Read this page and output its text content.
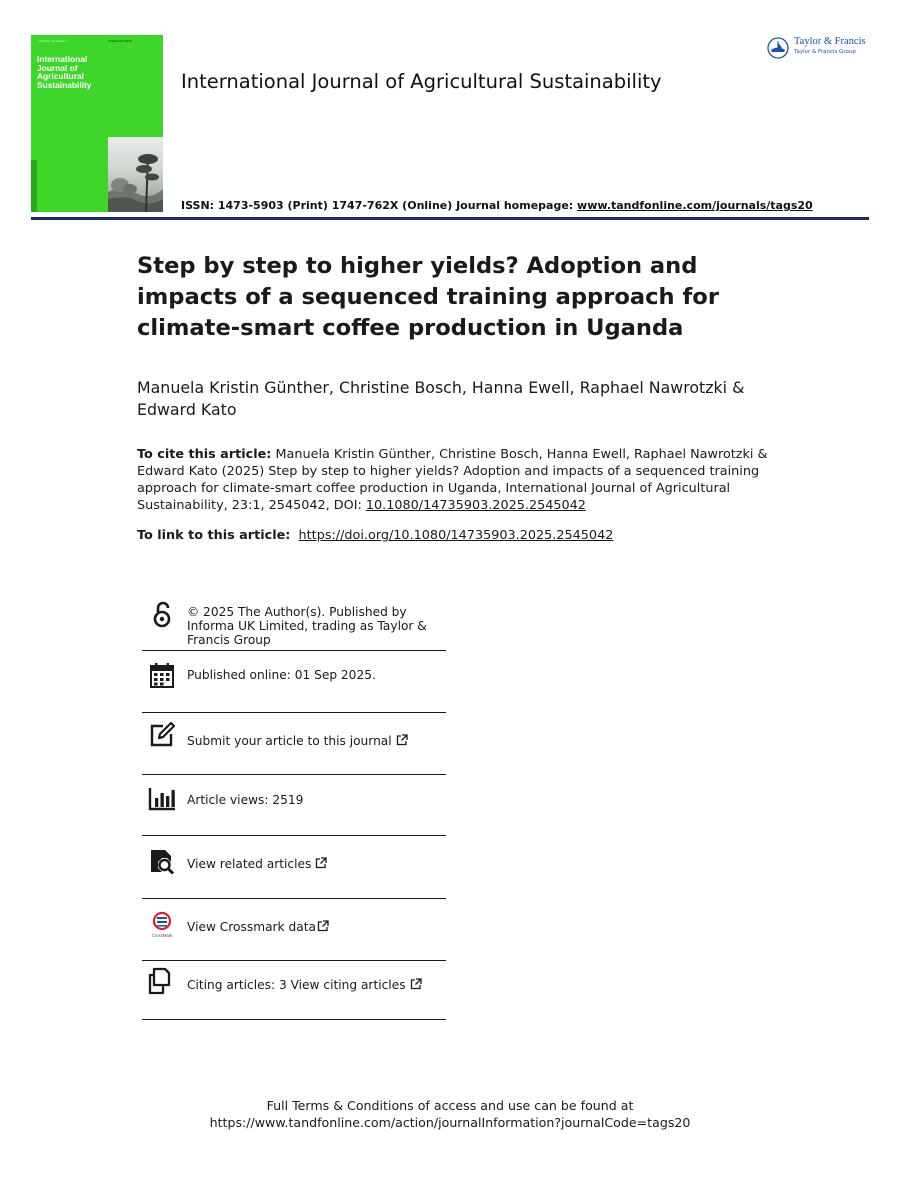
Volume 23 Issue 1	Published 2025
International
Journal of
Agricultural
Sustainability
Taylor & Francis
Taylor & Francis Group
International Journal of Agricultural Sustainability
ISSN: 1473-5903 (Print) 1747-762X (Online) Journal homepage: www.tandfonline.com/journals/tags20
Step by step to higher yields? Adoption and impacts of a sequenced training approach for climate-smart coffee production in Uganda
Manuela Kristin Günther, Christine Bosch, Hanna Ewell, Raphael Nawrotzki & Edward Kato
To cite this article: Manuela Kristin Günther, Christine Bosch, Hanna Ewell, Raphael Nawrotzki & Edward Kato (2025) Step by step to higher yields? Adoption and impacts of a sequenced training approach for climate-smart coffee production in Uganda, International Journal of Agricultural Sustainability, 23:1, 2545042, DOI: 10.1080/14735903.2025.2545042
To link to this article: https://doi.org/10.1080/14735903.2025.2545042
© 2025 The Author(s). Published by Informa UK Limited, trading as Taylor & Francis Group
Published online: 01 Sep 2025.
Submit your article to this journal
Article views: 2519
View related articles
CrossMark
View Crossmark data
Citing articles: 3 View citing articles
Full Terms & Conditions of access and use can be found at
https://www.tandfonline.com/action/journalInformation?journalCode=tags20
